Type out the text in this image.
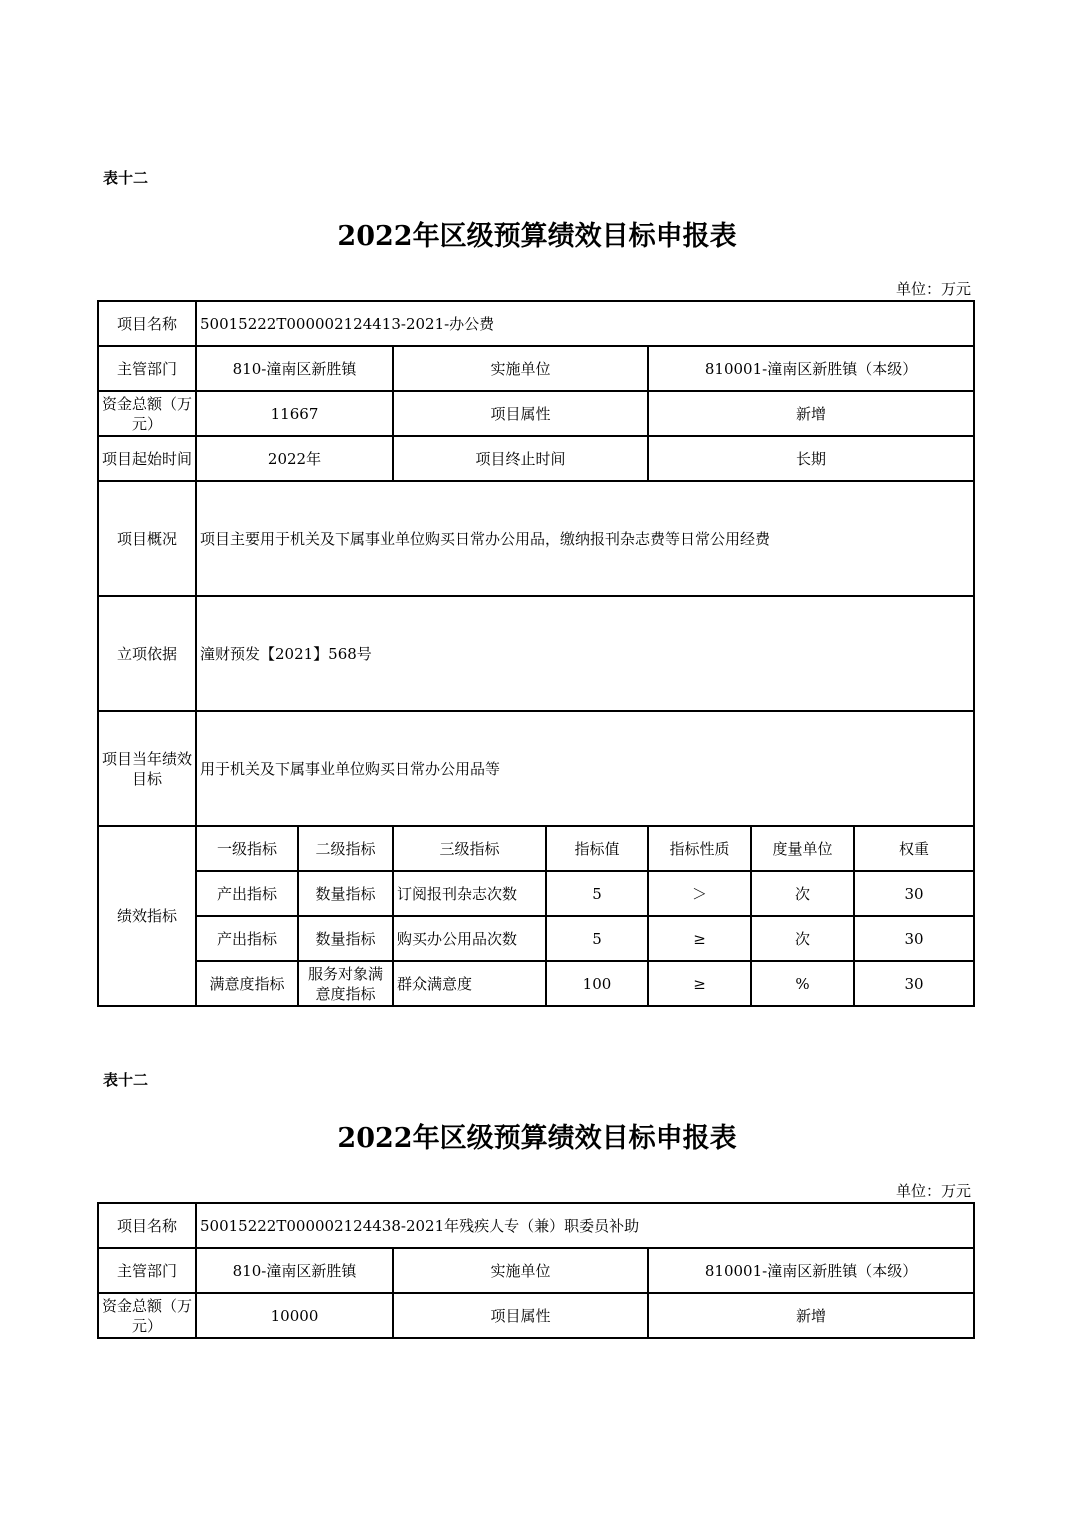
表十二
2022年区级预算绩效目标申报表
单位：万元
项目名称	50015222T000002124413-2021-办公费						
主管部门	810-潼南区新胜镇		实施单位		810001-潼南区新胜镇（本级）		
资金总额（万元）	11667		项目属性		新增		
项目起始时间	2022年		项目终止时间		长期		
项目概况	项目主要用于机关及下属事业单位购买日常办公用品，缴纳报刊杂志费等日常公用经费						
立项依据	潼财预发【2021】568号						
项目当年绩效目标	用于机关及下属事业单位购买日常办公用品等						
绩效指标	一级指标	二级指标	三级指标	指标值	指标性质	度量单位	权重
	产出指标	数量指标	订阅报刊杂志次数	5	＞	次	30
	产出指标	数量指标	购买办公用品次数	5	≥	次	30
	满意度指标	服务对象满意度指标	群众满意度	100	≥	%	30
表十二
2022年区级预算绩效目标申报表
单位：万元
项目名称	50015222T000002124438-2021年残疾人专（兼）职委员补助		
主管部门	810-潼南区新胜镇	实施单位	810001-潼南区新胜镇（本级）
资金总额（万元）	10000	项目属性	新增
